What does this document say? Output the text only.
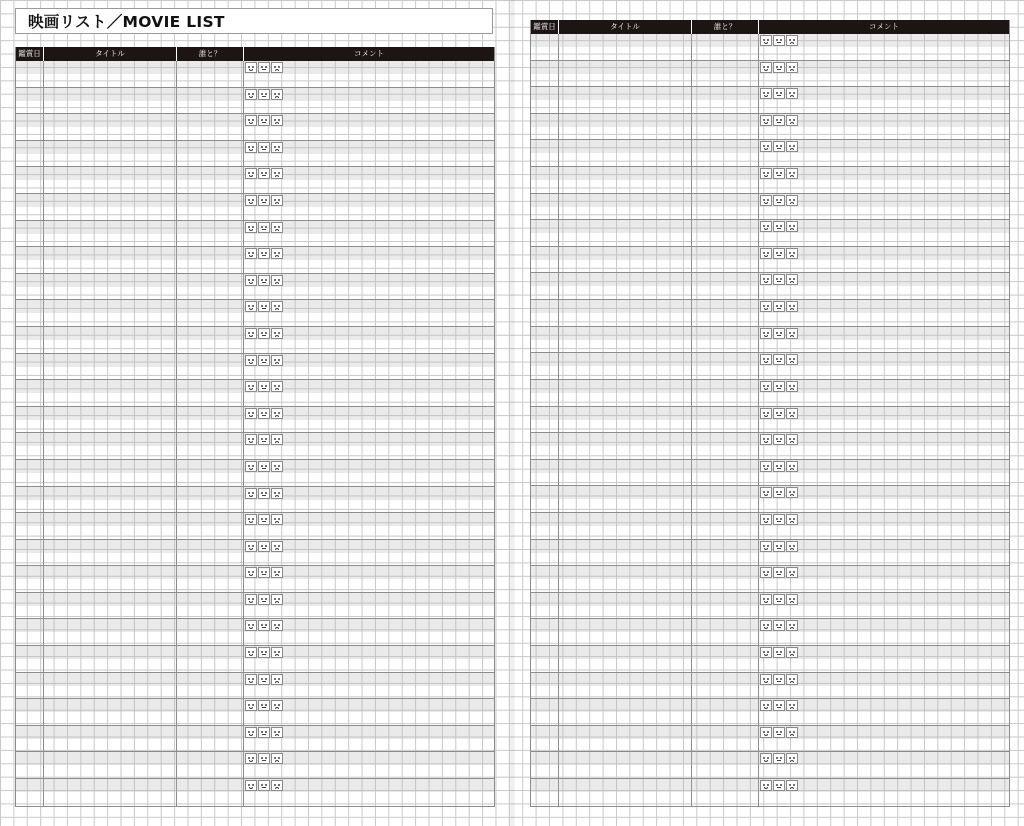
映画リスト／MOVIE LIST
鑑賞日	タイトル	誰と？	コメント
鑑賞日	タイトル	誰と？	コメント
